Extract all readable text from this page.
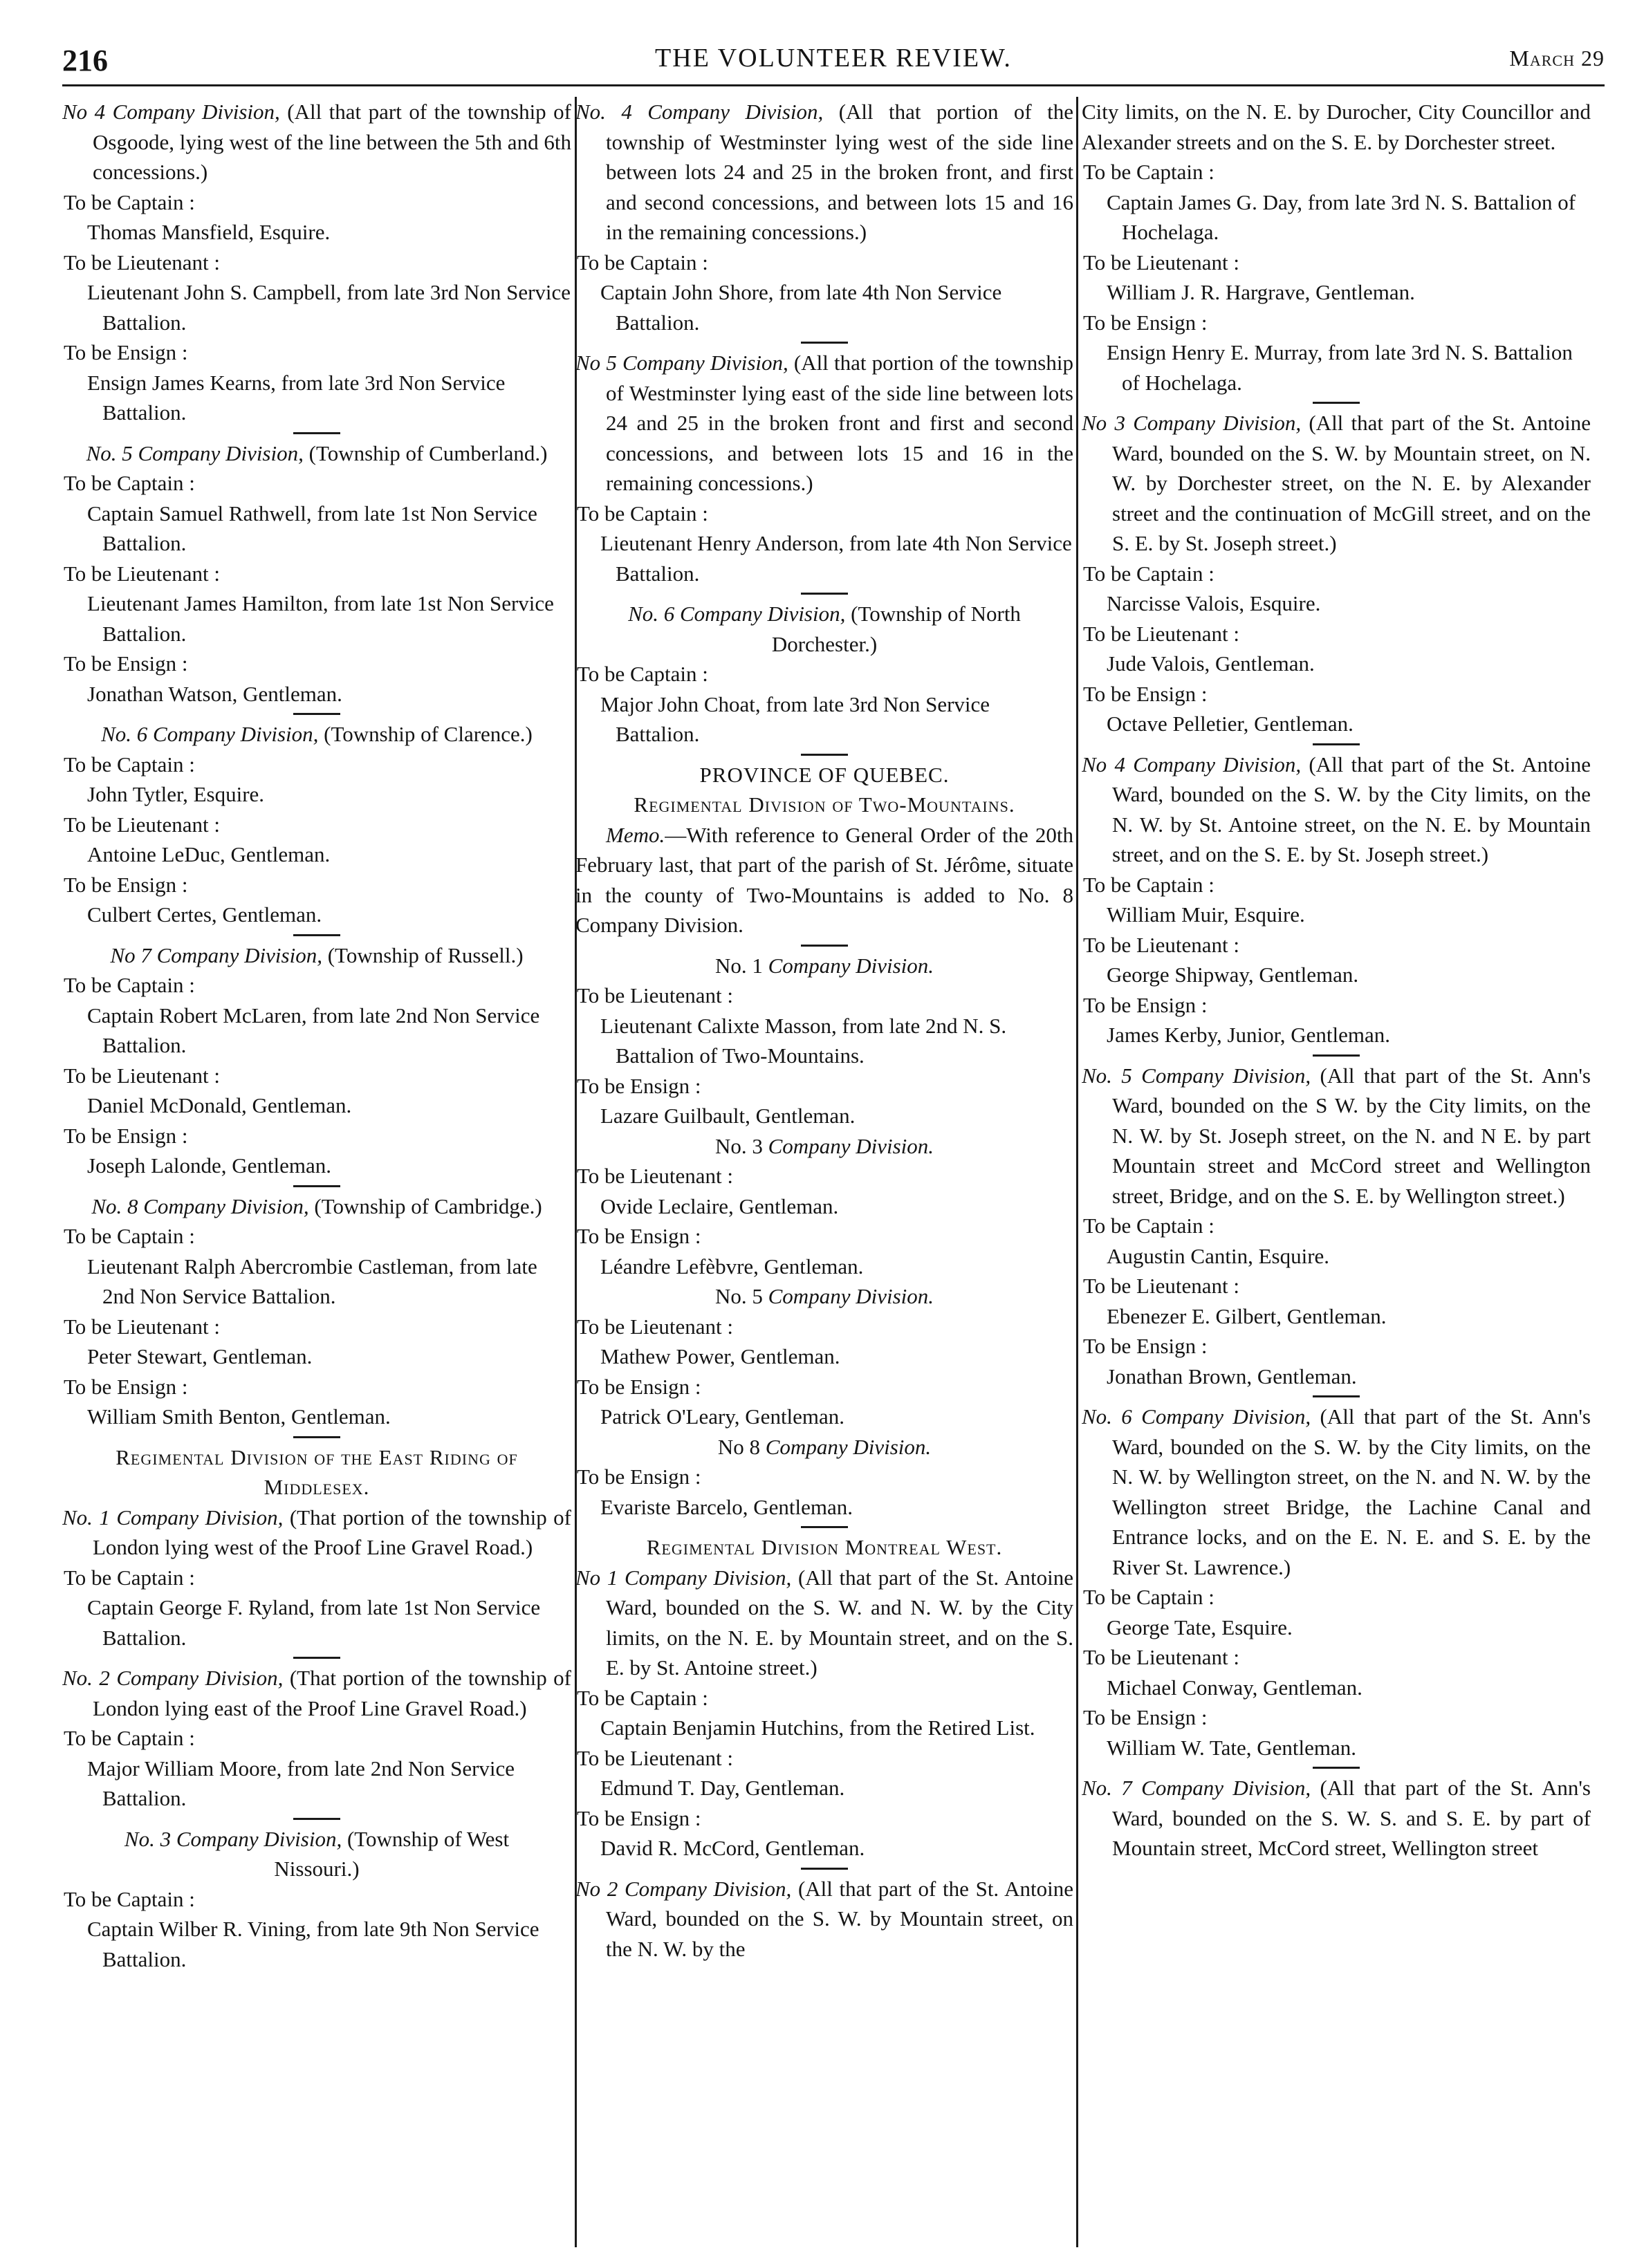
216	THE VOLUNTEER REVIEW.	March 29

No 4 Company Division, (All that part of the township of Osgoode, lying west of the line between the 5th and 6th concessions.)

To be Captain :

Thomas Mansfield, Esquire.

To be Lieutenant :

Lieutenant John S. Campbell, from late 3rd Non Service Battalion.

To be Ensign :

Ensign James Kearns, from late 3rd Non Service Battalion.

No. 5 Company Division, (Township of Cumberland.)

To be Captain :

Captain Samuel Rathwell, from late 1st Non Service Battalion.

To be Lieutenant :

Lieutenant James Hamilton, from late 1st Non Service Battalion.

To be Ensign :

Jonathan Watson, Gentleman.

No. 6 Company Division, (Township of Clarence.)

To be Captain :

John Tytler, Esquire.

To be Lieutenant :

Antoine LeDuc, Gentleman.

To be Ensign :

Culbert Certes, Gentleman.

No 7 Company Division, (Township of Russell.)

To be Captain :

Captain Robert McLaren, from late 2nd Non Service Battalion.

To be Lieutenant :

Daniel McDonald, Gentleman.

To be Ensign :

Joseph Lalonde, Gentleman.

No. 8 Company Division, (Township of Cambridge.)

To be Captain :

Lieutenant Ralph Abercrombie Castleman, from late 2nd Non Service Battalion.

To be Lieutenant :

Peter Stewart, Gentleman.

To be Ensign :

William Smith Benton, Gentleman.

Regimental Division of the East Riding of Middlesex.

No. 1 Company Division, (That portion of the township of London lying west of the Proof Line Gravel Road.)

To be Captain :

Captain George F. Ryland, from late 1st Non Service Battalion.

No. 2 Company Division, (That portion of the township of London lying east of the Proof Line Gravel Road.)

To be Captain :

Major William Moore, from late 2nd Non Service Battalion.

No. 3 Company Division, (Township of West Nissouri.)

To be Captain :

Captain Wilber R. Vining, from late 9th Non Service Battalion.

No. 4 Company Division, (All that portion of the township of Westminster lying west of the side line between lots 24 and 25 in the broken front, and first and second concessions, and between lots 15 and 16 in the remaining concessions.)

To be Captain :

Captain John Shore, from late 4th Non Service Battalion.

No 5 Company Division, (All that portion of the township of Westminster lying east of the side line between lots 24 and 25 in the broken front and first and second concessions, and between lots 15 and 16 in the remaining concessions.)

To be Captain :

Lieutenant Henry Anderson, from late 4th Non Service Battalion.

No. 6 Company Division, (Township of North Dorchester.)

To be Captain :

Major John Choat, from late 3rd Non Service Battalion.

PROVINCE OF QUEBEC.

Regimental Division of Two-Mountains.

Memo.—With reference to General Order of the 20th February last, that part of the parish of St. Jérôme, situate in the county of Two-Mountains is added to No. 8 Company Division.

No. 1 Company Division.

To be Lieutenant :

Lieutenant Calixte Masson, from late 2nd N. S. Battalion of Two-Mountains.

To be Ensign :

Lazare Guilbault, Gentleman.

No. 3 Company Division.

To be Lieutenant :

Ovide Leclaire, Gentleman.

To be Ensign :

Léandre Lefèbvre, Gentleman.

No. 5 Company Division.

To be Lieutenant :

Mathew Power, Gentleman.

To be Ensign :

Patrick O'Leary, Gentleman.

No 8 Company Division.

To be Ensign :

Evariste Barcelo, Gentleman.

Regimental Division Montreal West.

No 1 Company Division, (All that part of the St. Antoine Ward, bounded on the S. W. and N. W. by the City limits, on the N. E. by Mountain street, and on the S. E. by St. Antoine street.)

To be Captain :

Captain Benjamin Hutchins, from the Retired List.

To be Lieutenant :

Edmund T. Day, Gentleman.

To be Ensign :

David R. McCord, Gentleman.

No 2 Company Division, (All that part of the St. Antoine Ward, bounded on the S. W. by Mountain street, on the N. W. by the

City limits, on the N. E. by Durocher, City Councillor and Alexander streets and on the S. E. by Dorchester street.

To be Captain :

Captain James G. Day, from late 3rd N. S. Battalion of Hochelaga.

To be Lieutenant :

William J. R. Hargrave, Gentleman.

To be Ensign :

Ensign Henry E. Murray, from late 3rd N. S. Battalion of Hochelaga.

No 3 Company Division, (All that part of the St. Antoine Ward, bounded on the S. W. by Mountain street, on N. W. by Dorchester street, on the N. E. by Alexander street and the continuation of McGill street, and on the S. E. by St. Joseph street.)

To be Captain :

Narcisse Valois, Esquire.

To be Lieutenant :

Jude Valois, Gentleman.

To be Ensign :

Octave Pelletier, Gentleman.

No 4 Company Division, (All that part of the St. Antoine Ward, bounded on the S. W. by the City limits, on the N. W. by St. Antoine street, on the N. E. by Mountain street, and on the S. E. by St. Joseph street.)

To be Captain :

William Muir, Esquire.

To be Lieutenant :

George Shipway, Gentleman.

To be Ensign :

James Kerby, Junior, Gentleman.

No. 5 Company Division, (All that part of the St. Ann's Ward, bounded on the S W. by the City limits, on the N. W. by St. Joseph street, on the N. and N E. by part Mountain street and McCord street and Wellington street, Bridge, and on the S. E. by Wellington street.)

To be Captain :

Augustin Cantin, Esquire.

To be Lieutenant :

Ebenezer E. Gilbert, Gentleman.

To be Ensign :

Jonathan Brown, Gentleman.

No. 6 Company Division, (All that part of the St. Ann's Ward, bounded on the S. W. by the City limits, on the N. W. by Wellington street, on the N. and N. W. by the Wellington street Bridge, the Lachine Canal and Entrance locks, and on the E. N. E. and S. E. by the River St. Lawrence.)

To be Captain :

George Tate, Esquire.

To be Lieutenant :

Michael Conway, Gentleman.

To be Ensign :

William W. Tate, Gentleman.

No. 7 Company Division, (All that part of the St. Ann's Ward, bounded on the S. W. S. and S. E. by part of Mountain street, McCord street, Wellington street
